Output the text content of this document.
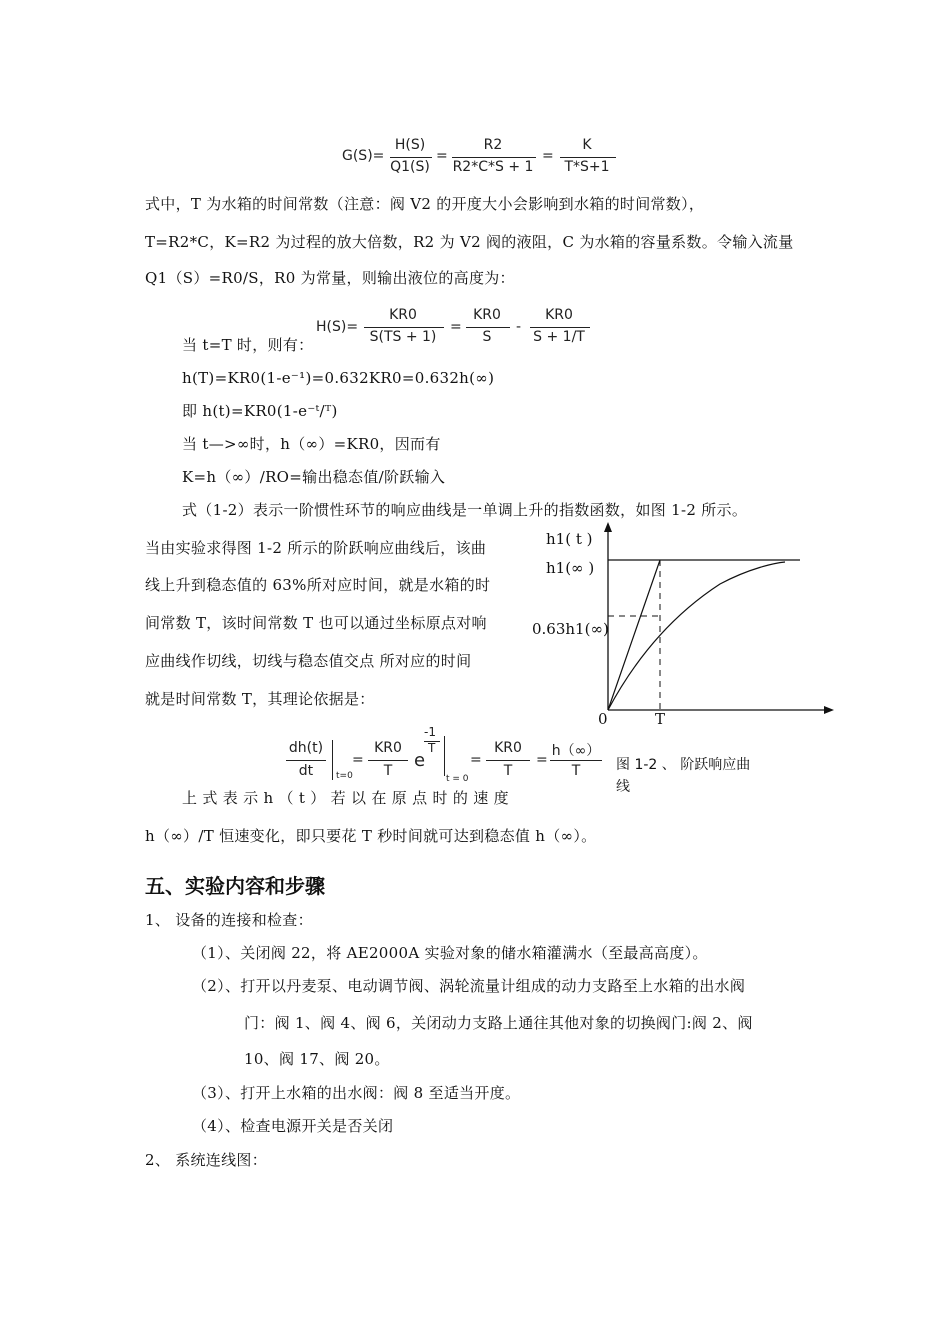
G(S)=
H(S)
Q1(S)
=
R2
R2*C*S + 1
=
K
T*S+1
式中，T 为水箱的时间常数（注意：阀 V2 的开度大小会影响到水箱的时间常数），
T=R2*C，K=R2 为过程的放大倍数，R2 为 V2 阀的液阻，C 为水箱的容量系数。令输入流量
Q1（S）=R0/S，R0 为常量，则输出液位的高度为：
H(S)=
KR0
S(TS + 1)
=
KR0
S
-
KR0
S + 1/T
当 t=T 时，则有：
h(T)=KR0(1-e⁻¹)=0.632KR0=0.632h(∞)
即 h(t)=KR0(1-e⁻ᵗ/ᵀ)
当 t—>∞时，h（∞）=KR0，因而有
K=h（∞）/RO=输出稳态值/阶跃输入
式（1-2）表示一阶惯性环节的响应曲线是一单调上升的指数函数，如图 1-2 所示。
当由实验求得图 1-2 所示的阶跃响应曲线后，该曲
线上升到稳态值的 63%所对应时间，就是水箱的时
间常数 T，该时间常数 T 也可以通过坐标原点对响
应曲线作切线，切线与稳态值交点 所对应的时间
就是时间常数 T，其理论依据是：
h1( t )
h1(∞ )
0.63h1(∞)
0	T
dh(t)
dt	t=0
=
KR0
T	e
-1
T
t = 0
=
KR0
T
=
h（∞）
T	图 1-2 、 阶跃响应曲
线
上 式 表 示 h （ t ） 若 以 在 原 点 时 的 速 度
h（∞）/T 恒速变化，即只要花 T 秒时间就可达到稳态值 h（∞）。
五、实验内容和步骤
1、 设备的连接和检查：
（1）、关闭阀 22，将 AE2000A 实验对象的储水箱灌满水（至最高高度）。
（2）、打开以丹麦泵、电动调节阀、涡轮流量计组成的动力支路至上水箱的出水阀
门：阀 1、阀 4、阀 6，关闭动力支路上通往其他对象的切换阀门:阀 2、阀
10、阀 17、阀 20。
（3）、打开上水箱的出水阀：阀 8 至适当开度。
（4）、检查电源开关是否关闭
2、 系统连线图：
